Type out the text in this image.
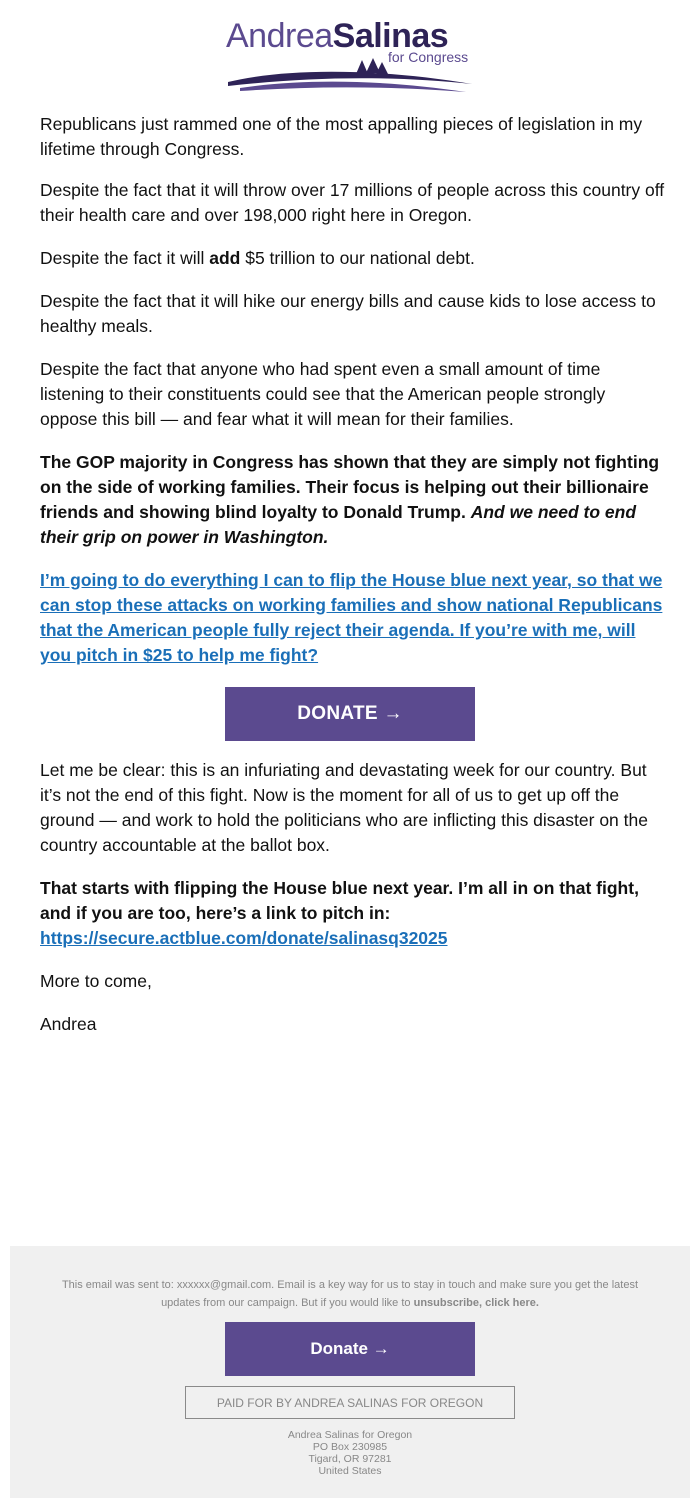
AndreaSalinas
for Congress

Republicans just rammed one of the most appalling pieces of legislation in my lifetime through Congress.

Despite the fact that it will throw over 17 millions of people across this country off their health care and over 198,000 right here in Oregon.

Despite the fact it will add $5 trillion to our national debt.

Despite the fact that it will hike our energy bills and cause kids to lose access to healthy meals.

Despite the fact that anyone who had spent even a small amount of time listening to their constituents could see that the American people strongly oppose this bill — and fear what it will mean for their families.

The GOP majority in Congress has shown that they are simply not fighting on the side of working families. Their focus is helping out their billionaire friends and showing blind loyalty to Donald Trump. And we need to end their grip on power in Washington.

I’m going to do everything I can to flip the House blue next year, so that we can stop these attacks on working families and show national Republicans that the American people fully reject their agenda. If you’re with me, will you pitch in $25 to help me fight?

DONATE →

Let me be clear: this is an infuriating and devastating week for our country. But it’s not the end of this fight. Now is the moment for all of us to get up off the ground — and work to hold the politicians who are inflicting this disaster on the country accountable at the ballot box.

That starts with flipping the House blue next year. I’m all in on that fight, and if you are too, here’s a link to pitch in:
https://secure.actblue.com/donate/salinasq32025

More to come,

Andrea

This email was sent to: xxxxxx@gmail.com. Email is a key way for us to stay in touch and make sure you get the latest updates from our campaign. But if you would like to unsubscribe, click here.

Donate →
PAID FOR BY ANDREA SALINAS FOR OREGON
Andrea Salinas for Oregon
PO Box 230985
Tigard, OR 97281
United States
